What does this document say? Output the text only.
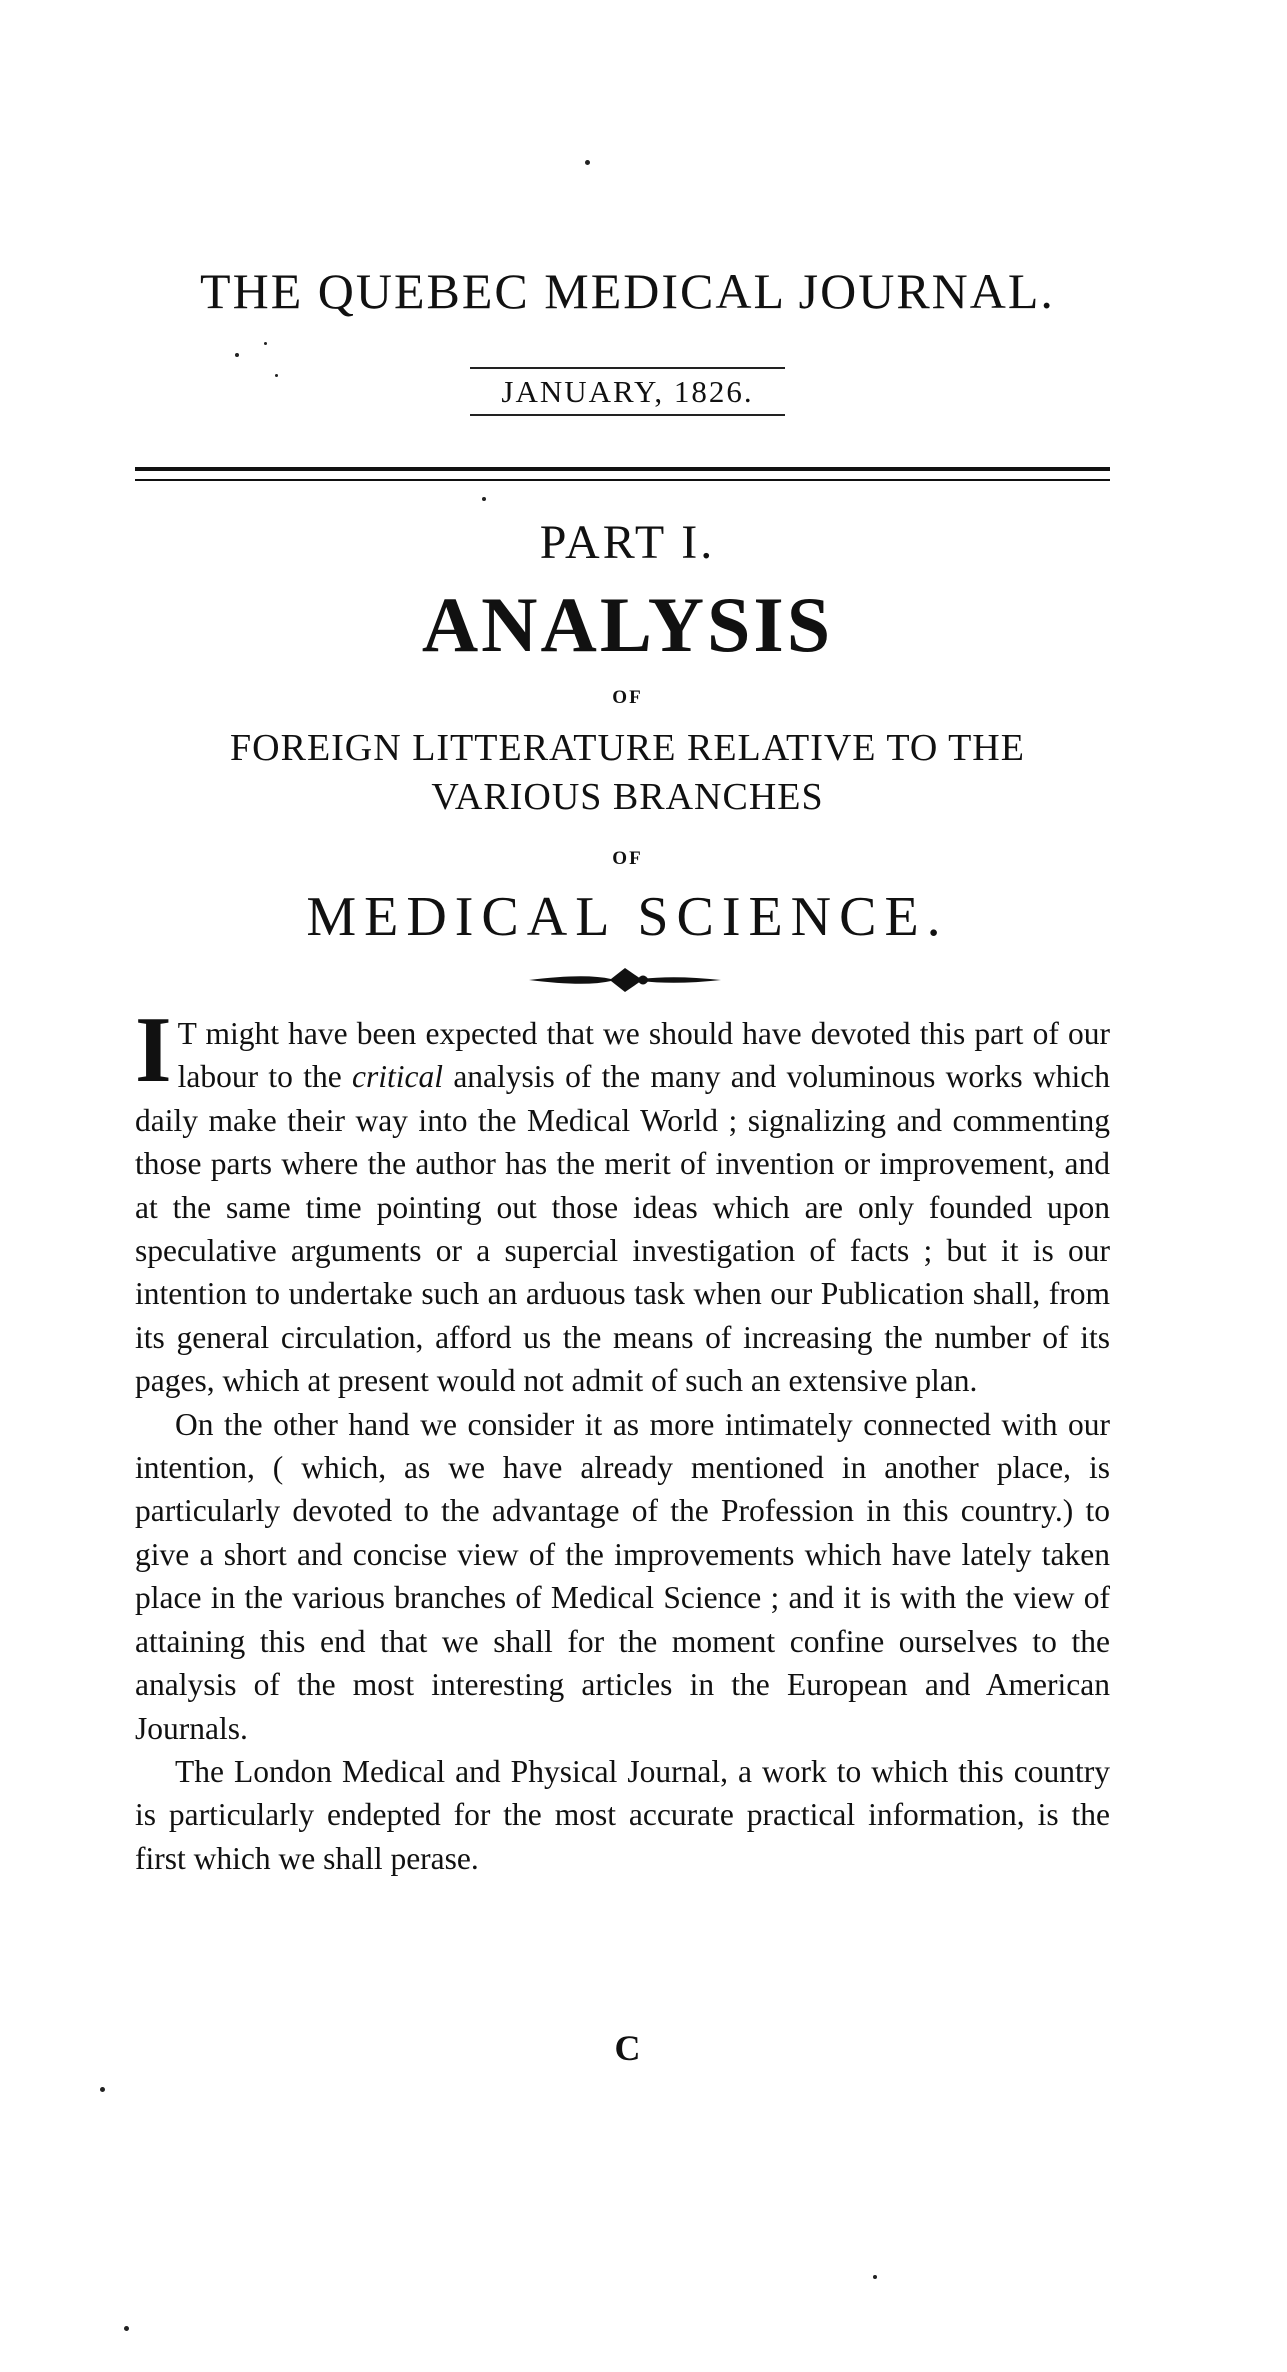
THE QUEBEC MEDICAL JOURNAL.
JANUARY, 1826.
PART I.
ANALYSIS
OF
FOREIGN LITTERATURE RELATIVE TO THE
VARIOUS BRANCHES
OF
MEDICAL SCIENCE.

I T might have been expected that we should have devoted this part of our labour to the critical analysis of the many and voluminous works which daily make their way into the Medical World ; signalizing and commenting those parts where the author has the merit of invention or improvement, and at the same time pointing out those ideas which are only founded upon speculative arguments or a supercial investigation of facts ; but it is our intention to undertake such an arduous task when our Publication shall, from its general circulation, afford us the means of increasing the number of its pages, which at present would not admit of such an extensive plan.

On the other hand we consider it as more intimately connected with our intention, ( which, as we have already mentioned in another place, is particularly devoted to the advantage of the Profession in this country.) to give a short and concise view of the improvements which have lately taken place in the various branches of Medical Science ; and it is with the view of attaining this end that we shall for the moment confine ourselves to the analysis of the most interesting articles in the European and American Journals.

The London Medical and Physical Journal, a work to which this country is particularly endepted for the most accurate practical information, is the first which we shall perase.

C
